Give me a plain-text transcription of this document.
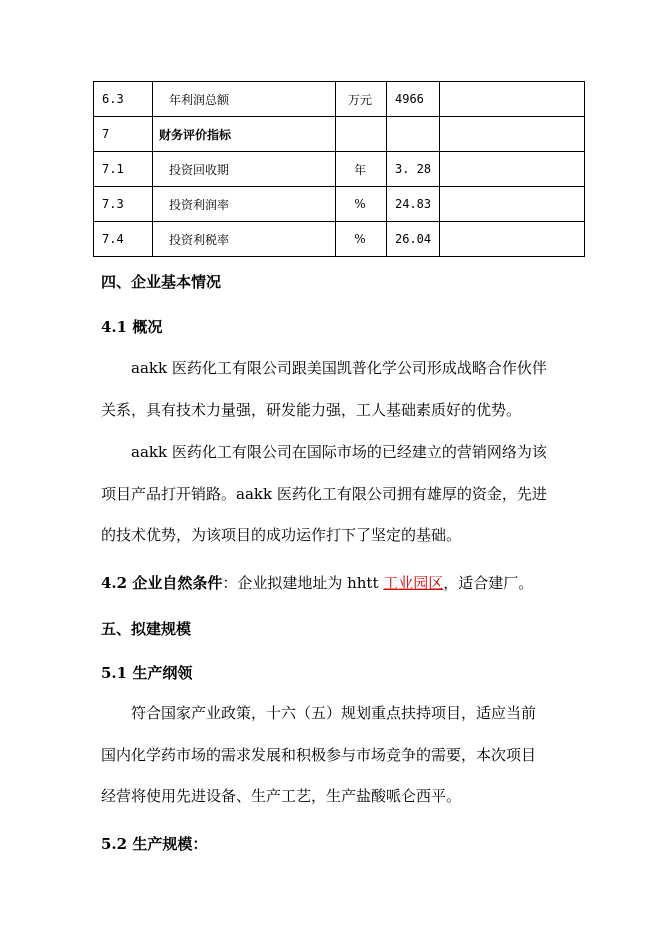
6.3	年利润总额	万元	4966	
7	财务评价指标			
7.1	投资回收期	年	3. 28	
7.3	投资利润率	%	24.83	
7.4	投资利税率	%	26.04	
四、企业基本情况
4.1 概况
aakk 医药化工有限公司跟美国凯普化学公司形成战略合作伙伴
关系，具有技术力量强，研发能力强，工人基础素质好的优势。
aakk 医药化工有限公司在国际市场的已经建立的营销网络为该
项目产品打开销路。aakk 医药化工有限公司拥有雄厚的资金，先进
的技术优势，为该项目的成功运作打下了坚定的基础。
4.2 企业自然条件：企业拟建地址为 hhtt 工业园区，适合建厂。
五、拟建规模
5.1 生产纲领
符合国家产业政策，十六（五）规划重点扶持项目，适应当前
国内化学药市场的需求发展和积极参与市场竞争的需要，本次项目
经营将使用先进设备、生产工艺，生产盐酸哌仑西平。
5.2 生产规模：
